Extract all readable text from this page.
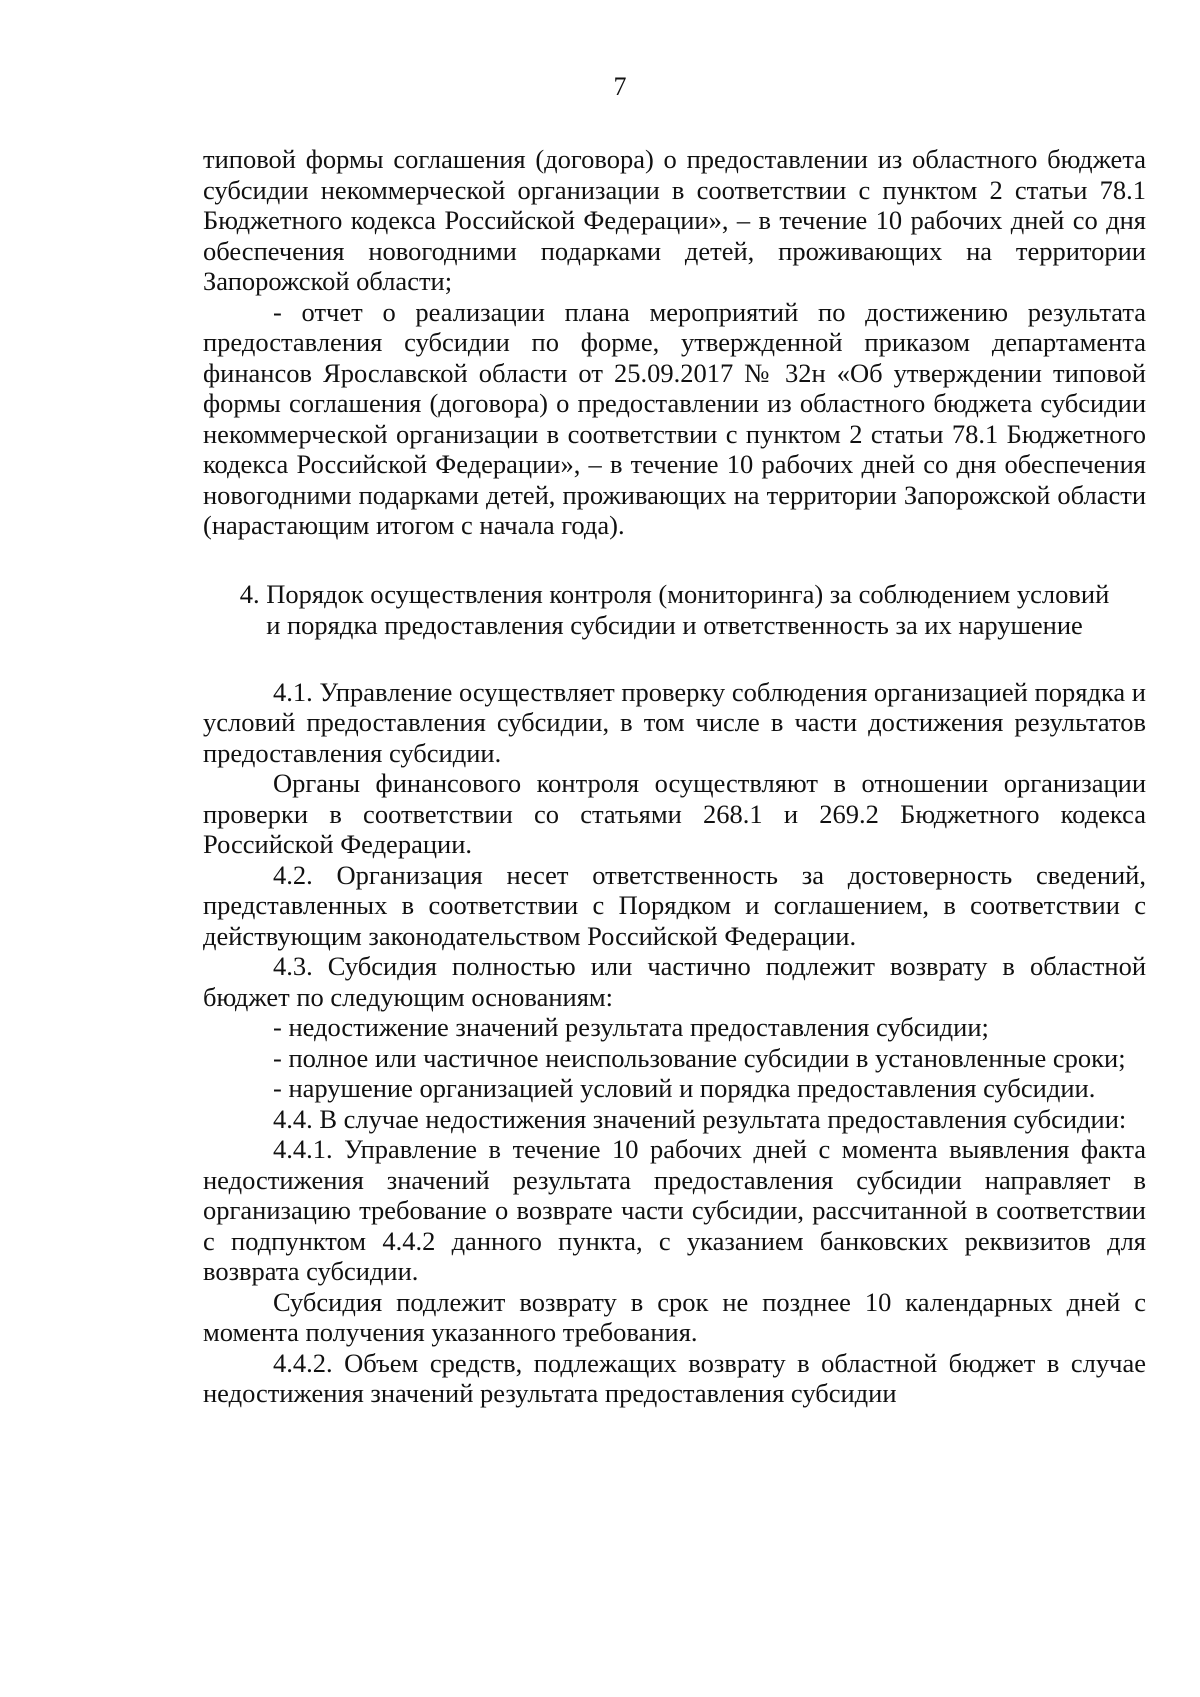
7

типовой формы соглашения (договора) о предоставлении из областного бюджета субсидии некоммерческой организации в соответствии с пунктом 2 статьи 78.1 Бюджетного кодекса Российской Федерации», – в течение 10 рабочих дней со дня обеспечения новогодними подарками детей, проживающих на территории Запорожской области;

- отчет о реализации плана мероприятий по достижению результата предоставления субсидии по форме, утвержденной приказом департамента финансов Ярославской области от 25.09.2017 № 32н «Об утверждении типовой формы соглашения (договора) о предоставлении из областного бюджета субсидии некоммерческой организации в соответствии с пунктом 2 статьи 78.1 Бюджетного кодекса Российской Федерации», – в течение 10 рабочих дней со дня обеспечения новогодними подарками детей, проживающих на территории Запорожской области (нарастающим итогом с начала года).

4. Порядок осуществления контроля (мониторинга) за соблюдением условий
и порядка предоставления субсидии и ответственность за их нарушение

4.1. Управление осуществляет проверку соблюдения организацией порядка и условий предоставления субсидии, в том числе в части достижения результатов предоставления субсидии.

Органы финансового контроля осуществляют в отношении организации проверки в соответствии со статьями 268.1 и 269.2 Бюджетного кодекса Российской Федерации.

4.2. Организация несет ответственность за достоверность сведений, представленных в соответствии с Порядком и соглашением, в соответствии с действующим законодательством Российской Федерации.

4.3. Субсидия полностью или частично подлежит возврату в областной бюджет по следующим основаниям:

- недостижение значений результата предоставления субсидии;

- полное или частичное неиспользование субсидии в установленные сроки;

- нарушение организацией условий и порядка предоставления субсидии.

4.4. В случае недостижения значений результата предоставления субсидии:

4.4.1. Управление в течение 10 рабочих дней с момента выявления факта недостижения значений результата предоставления субсидии направляет в организацию требование о возврате части субсидии, рассчитанной в соответствии с подпунктом 4.4.2 данного пункта, с указанием банковских реквизитов для возврата субсидии.

Субсидия подлежит возврату в срок не позднее 10 календарных дней с момента получения указанного требования.

4.4.2. Объем средств, подлежащих возврату в областной бюджет в случае недостижения значений результата предоставления субсидии
